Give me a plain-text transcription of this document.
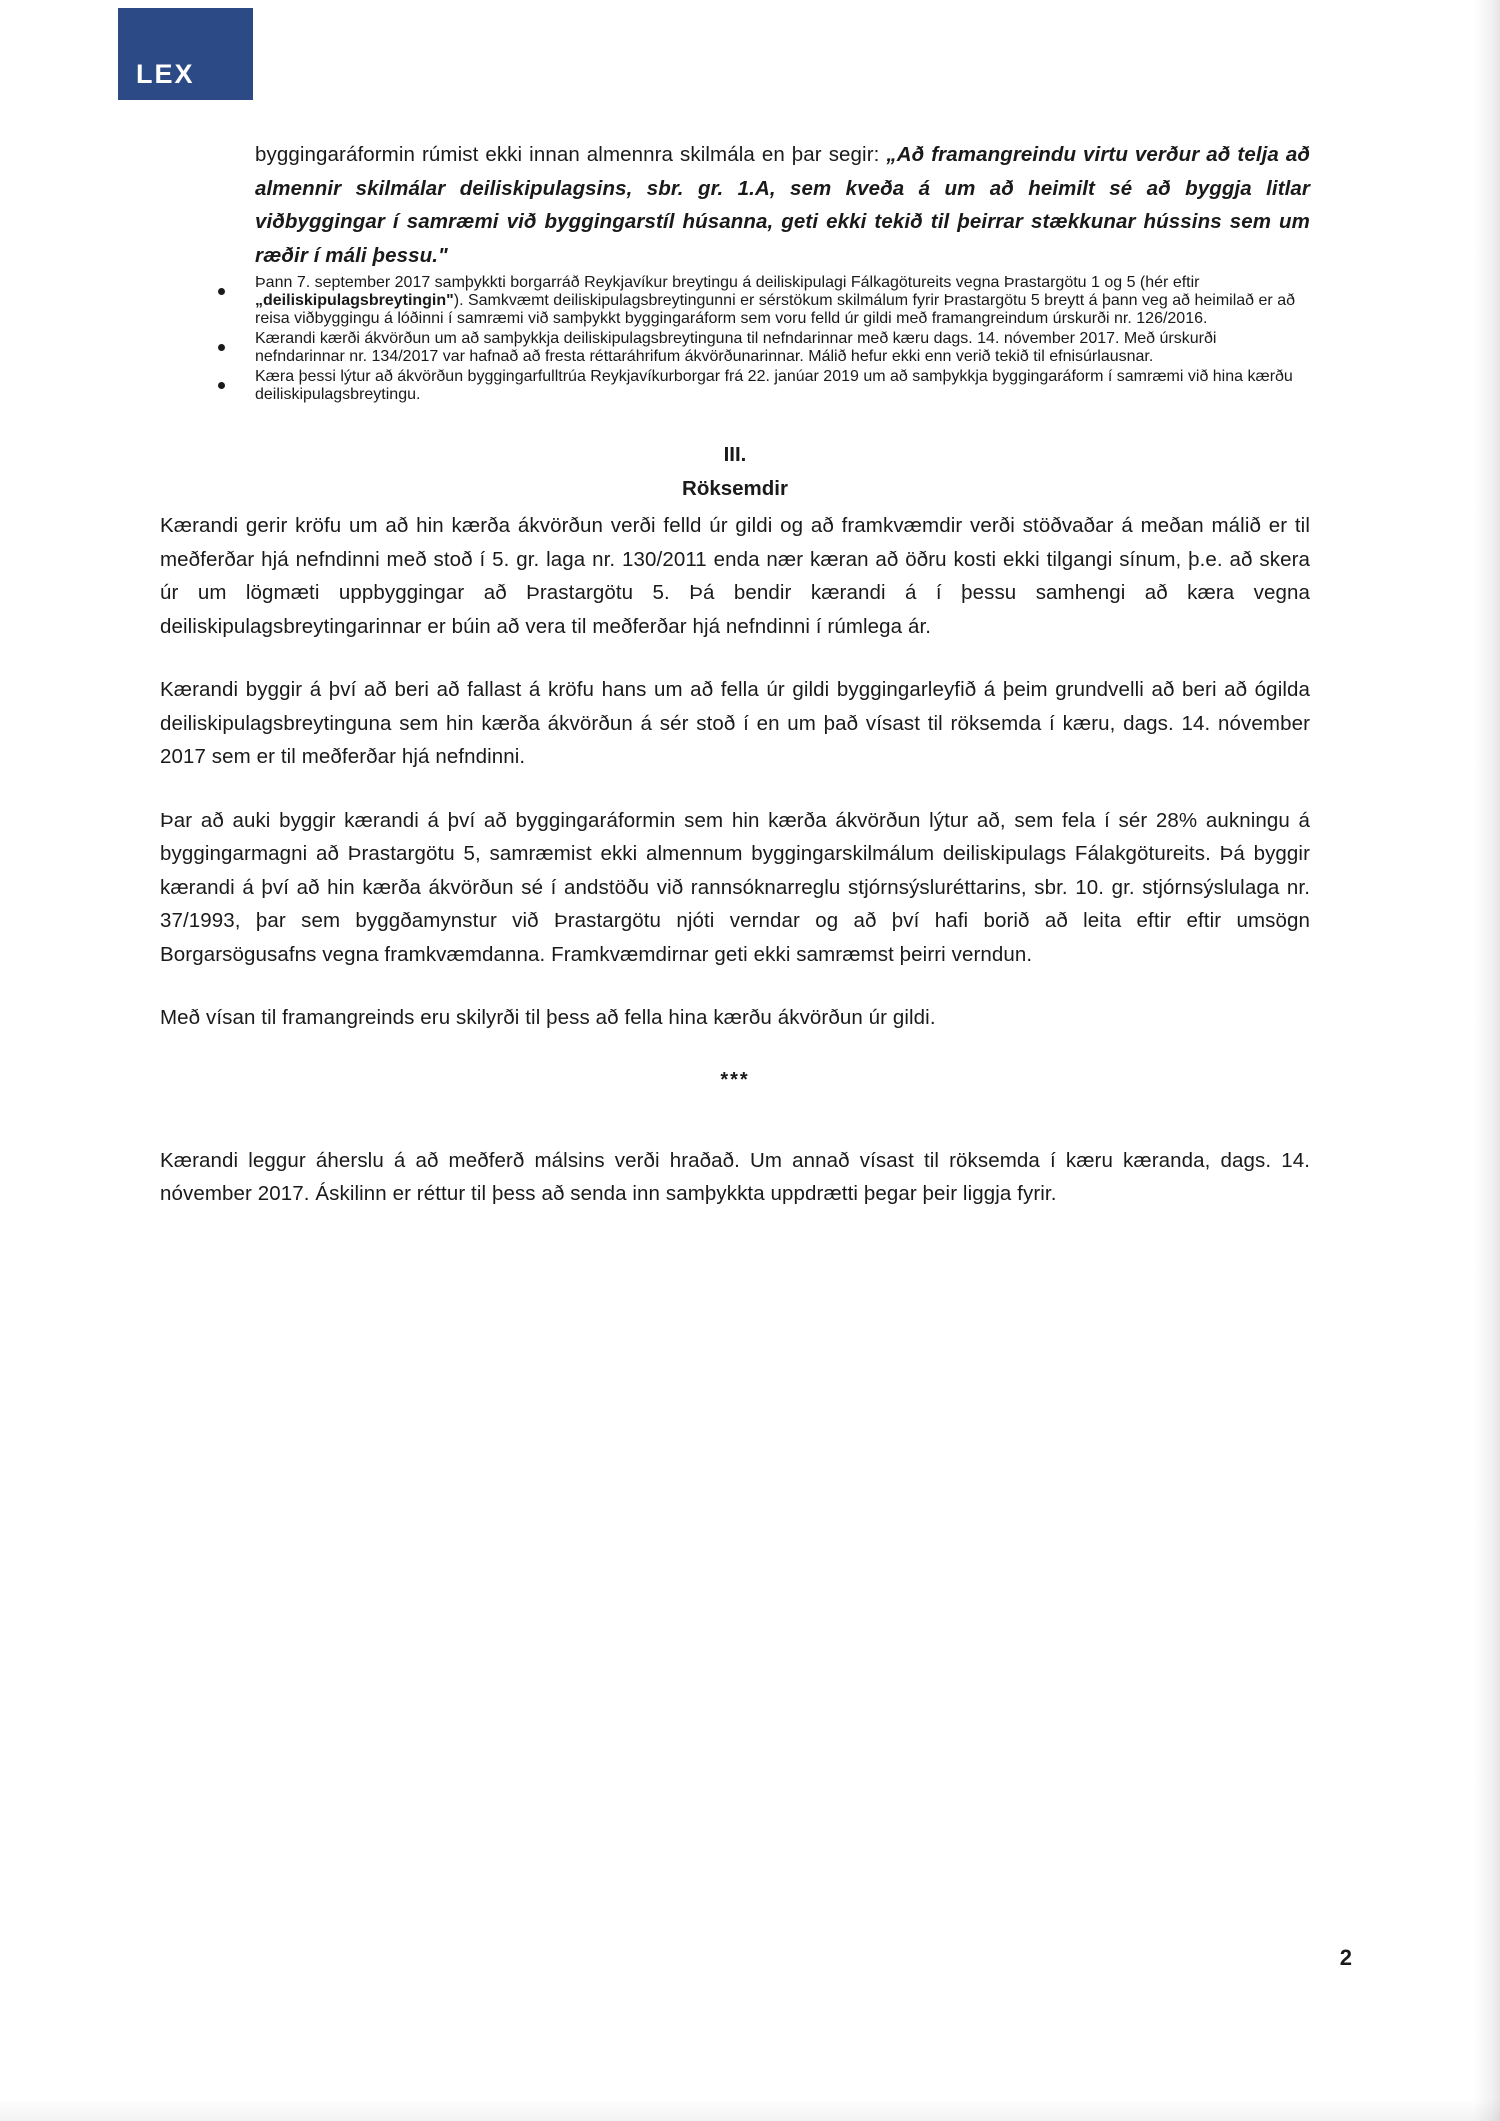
LEX

byggingaráformin rúmist ekki innan almennra skilmála en þar segir: „Að framangreindu virtu verður að telja að almennir skilmálar deiliskipulagsins, sbr. gr. 1.A, sem kveða á um að heimilt sé að byggja litlar viðbyggingar í samræmi við byggingarstíl húsanna, geti ekki tekið til þeirrar stækkunar hússins sem um ræðir í máli þessu."

Þann 7. september 2017 samþykkti borgarráð Reykjavíkur breytingu á deiliskipulagi Fálkagötureits vegna Þrastargötu 1 og 5 (hér eftir „deiliskipulagsbreytingin"). Samkvæmt deiliskipulagsbreytingunni er sérstökum skilmálum fyrir Þrastargötu 5 breytt á þann veg að heimilað er að reisa viðbyggingu á lóðinni í samræmi við samþykkt byggingaráform sem voru felld úr gildi með framangreindum úrskurði nr. 126/2016.
Kærandi kærði ákvörðun um að samþykkja deiliskipulagsbreytinguna til nefndarinnar með kæru dags. 14. nóvember 2017. Með úrskurði nefndarinnar nr. 134/2017 var hafnað að fresta réttaráhrifum ákvörðunarinnar. Málið hefur ekki enn verið tekið til efnisúrlausnar.
Kæra þessi lýtur að ákvörðun byggingarfulltrúa Reykjavíkurborgar frá 22. janúar 2019 um að samþykkja byggingaráform í samræmi við hina kærðu deiliskipulagsbreytingu.
III.
Röksemdir

Kærandi gerir kröfu um að hin kærða ákvörðun verði felld úr gildi og að framkvæmdir verði stöðvaðar á meðan málið er til meðferðar hjá nefndinni með stoð í 5. gr. laga nr. 130/2011 enda nær kæran að öðru kosti ekki tilgangi sínum, þ.e. að skera úr um lögmæti uppbyggingar að Þrastargötu 5. Þá bendir kærandi á í þessu samhengi að kæra vegna deiliskipulagsbreytingarinnar er búin að vera til meðferðar hjá nefndinni í rúmlega ár.

Kærandi byggir á því að beri að fallast á kröfu hans um að fella úr gildi byggingarleyfið á þeim grundvelli að beri að ógilda deiliskipulagsbreytinguna sem hin kærða ákvörðun á sér stoð í en um það vísast til röksemda í kæru, dags. 14. nóvember 2017 sem er til meðferðar hjá nefndinni.

Þar að auki byggir kærandi á því að byggingaráformin sem hin kærða ákvörðun lýtur að, sem fela í sér 28% aukningu á byggingarmagni að Þrastargötu 5, samræmist ekki almennum byggingarskilmálum deiliskipulags Fálakgötureits. Þá byggir kærandi á því að hin kærða ákvörðun sé í andstöðu við rannsóknarreglu stjórnsýsluréttarins, sbr. 10. gr. stjórnsýslulaga nr. 37/1993, þar sem byggðamynstur við Þrastargötu njóti verndar og að því hafi borið að leita eftir eftir umsögn Borgarsögusafns vegna framkvæmdanna. Framkvæmdirnar geti ekki samræmst þeirri verndun.

Með vísan til framangreinds eru skilyrði til þess að fella hina kærðu ákvörðun úr gildi.

***

Kærandi leggur áherslu á að meðferð málsins verði hraðað. Um annað vísast til röksemda í kæru kæranda, dags. 14. nóvember 2017. Áskilinn er réttur til þess að senda inn samþykkta uppdrætti þegar þeir liggja fyrir.

2
